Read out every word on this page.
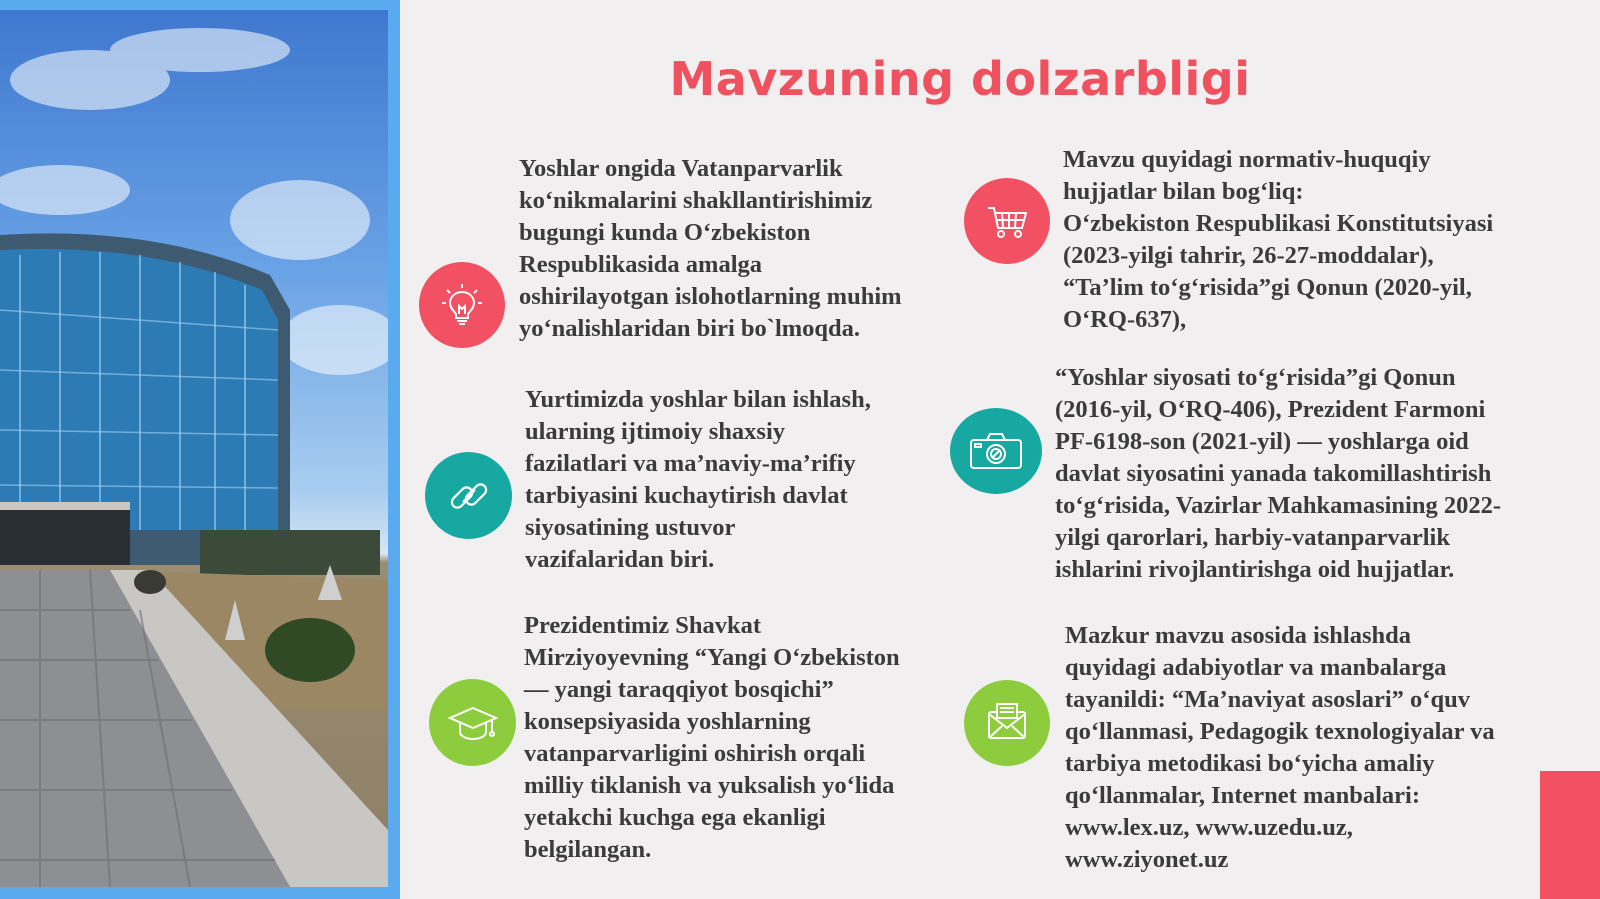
Mavzuning dolzarbligi

Yoshlar ongida Vatanparvarlik
ko‘nikmalarini shakllantirishimiz
bugungi kunda O‘zbekiston
Respublikasida amalga
oshirilayotgan islohotlarning muhim
yo‘nalishlaridan biri bo`lmoqda.

Yurtimizda yoshlar bilan ishlash,
ularning ijtimoiy shaxsiy
fazilatlari va ma’naviy-ma’rifiy
tarbiyasini kuchaytirish davlat
siyosatining ustuvor
vazifalaridan biri.

Prezidentimiz Shavkat
Mirziyoyevning “Yangi O‘zbekiston
— yangi taraqqiyot bosqichi”
konsepsiyasida yoshlarning
vatanparvarligini oshirish orqali
milliy tiklanish va yuksalish yo‘lida
yetakchi kuchga ega ekanligi
belgilangan.

Mavzu quyidagi normativ-huquqiy
hujjatlar bilan bog‘liq:
O‘zbekiston Respublikasi Konstitutsiyasi
(2023-yilgi tahrir, 26-27-moddalar),
“Ta’lim to‘g‘risida”gi Qonun (2020-yil,
O‘RQ-637),

“Yoshlar siyosati to‘g‘risida”gi Qonun
(2016-yil, O‘RQ-406), Prezident Farmoni
PF-6198-son (2021-yil) — yoshlarga oid
davlat siyosatini yanada takomillashtirish
to‘g‘risida, Vazirlar Mahkamasining 2022-
yilgi qarorlari, harbiy-vatanparvarlik
ishlarini rivojlantirishga oid hujjatlar.

Mazkur mavzu asosida ishlashda
quyidagi adabiyotlar va manbalarga
tayanildi: “Ma’naviyat asoslari” o‘quv
qo‘llanmasi, Pedagogik texnologiyalar va
tarbiya metodikasi bo‘yicha amaliy
qo‘llanmalar, Internet manbalari:
www.lex.uz, www.uzedu.uz,
www.ziyonet.uz
